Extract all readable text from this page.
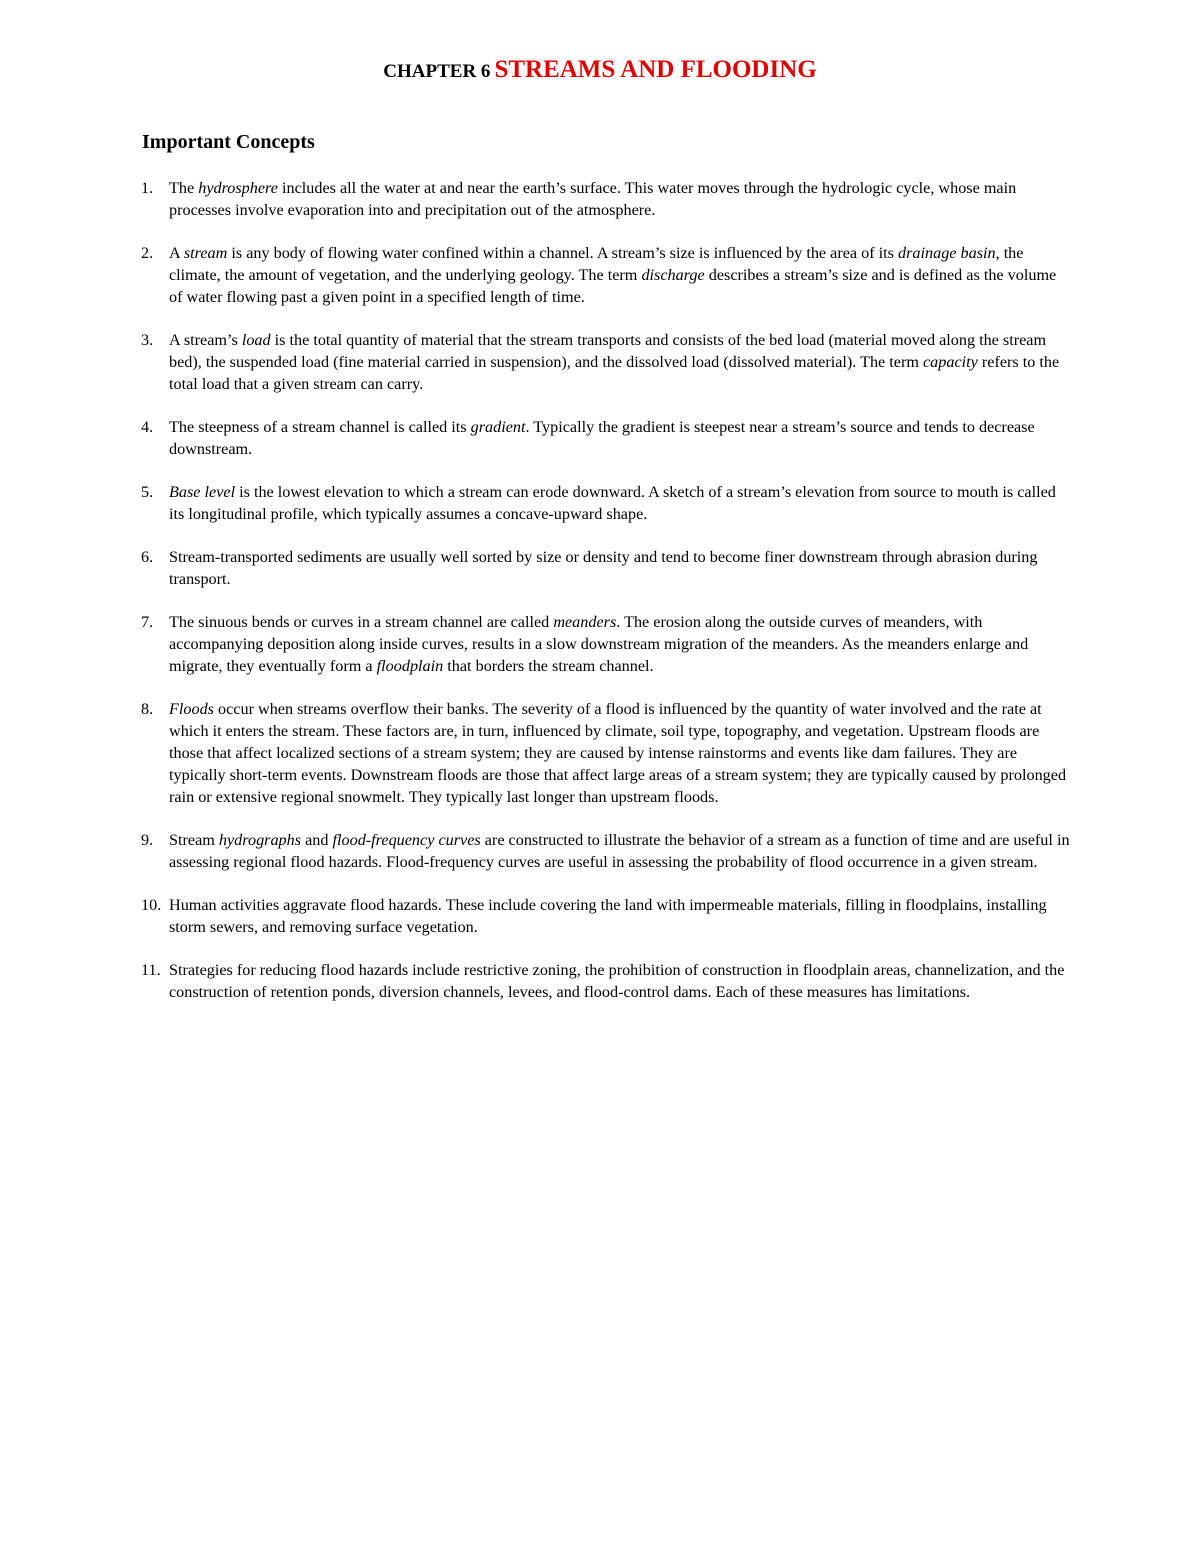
CHAPTER 6 STREAMS AND FLOODING
Important Concepts
1. The hydrosphere includes all the water at and near the earth’s surface. This water moves through the hydrologic cycle, whose main processes involve evaporation into and precipitation out of the atmosphere.
2. A stream is any body of flowing water confined within a channel. A stream’s size is influenced by the area of its drainage basin, the climate, the amount of vegetation, and the underlying geology. The term discharge describes a stream’s size and is defined as the volume of water flowing past a given point in a specified length of time.
3. A stream’s load is the total quantity of material that the stream transports and consists of the bed load (material moved along the stream bed), the suspended load (fine material carried in suspension), and the dissolved load (dissolved material). The term capacity refers to the total load that a given stream can carry.
4. The steepness of a stream channel is called its gradient. Typically the gradient is steepest near a stream’s source and tends to decrease downstream.
5. Base level is the lowest elevation to which a stream can erode downward. A sketch of a stream’s elevation from source to mouth is called its longitudinal profile, which typically assumes a concave-upward shape.
6. Stream-transported sediments are usually well sorted by size or density and tend to become finer downstream through abrasion during transport.
7. The sinuous bends or curves in a stream channel are called meanders. The erosion along the outside curves of meanders, with accompanying deposition along inside curves, results in a slow downstream migration of the meanders. As the meanders enlarge and migrate, they eventually form a floodplain that borders the stream channel.
8. Floods occur when streams overflow their banks. The severity of a flood is influenced by the quantity of water involved and the rate at which it enters the stream. These factors are, in turn, influenced by climate, soil type, topography, and vegetation. Upstream floods are those that affect localized sections of a stream system; they are caused by intense rainstorms and events like dam failures. They are typically short-term events. Downstream floods are those that affect large areas of a stream system; they are typically caused by prolonged rain or extensive regional snowmelt. They typically last longer than upstream floods.
9. Stream hydrographs and flood-frequency curves are constructed to illustrate the behavior of a stream as a function of time and are useful in assessing regional flood hazards. Flood-frequency curves are useful in assessing the probability of flood occurrence in a given stream.
10. Human activities aggravate flood hazards. These include covering the land with impermeable materials, filling in floodplains, installing storm sewers, and removing surface vegetation.
11. Strategies for reducing flood hazards include restrictive zoning, the prohibition of construction in floodplain areas, channelization, and the construction of retention ponds, diversion channels, levees, and flood-control dams. Each of these measures has limitations.
